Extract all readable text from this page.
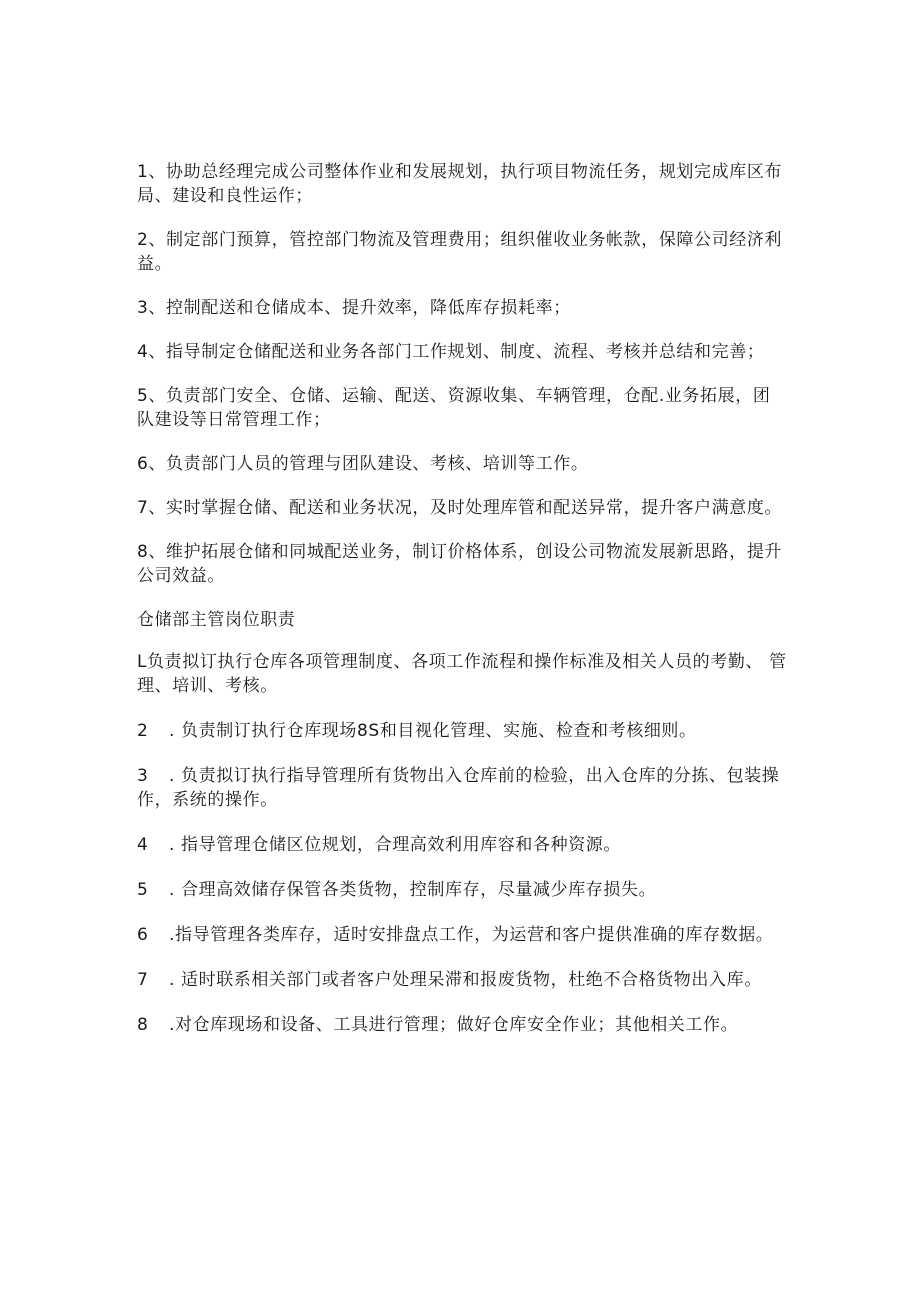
1、协助总经理完成公司整体作业和发展规划，执行项目物流任务，规划完成库区布局、建设和良性运作；

2、制定部门预算，管控部门物流及管理费用；组织催收业务帐款，保障公司经济利益。

3、控制配送和仓储成本、提升效率，降低库存损耗率；

4、指导制定仓储配送和业务各部门工作规划、制度、流程、考核并总结和完善；

5、负责部门安全、仓储、运输、配送、资源收集、车辆管理，仓配.业务拓展，团队建设等日常管理工作；

6、负责部门人员的管理与团队建设、考核、培训等工作。

7、实时掌握仓储、配送和业务状况，及时处理库管和配送异常，提升客户满意度。

8、维护拓展仓储和同城配送业务，制订价格体系，创设公司物流发展新思路，提升公司效益。

仓储部主管岗位职责

L负责拟订执行仓库各项管理制度、各项工作流程和操作标准及相关人员的考勤、 管理、培训、考核。

2 . 负责制订执行仓库现场8S和目视化管理、实施、检查和考核细则。

3 . 负责拟订执行指导管理所有货物出入仓库前的检验，出入仓库的分拣、包装操 作，系统的操作。

4 . 指导管理仓储区位规划，合理高效利用库容和各种资源。

5 . 合理高效储存保管各类货物，控制库存，尽量减少库存损失。

6 .指导管理各类库存，适时安排盘点工作，为运营和客户提供准确的库存数据。

7 . 适时联系相关部门或者客户处理呆滞和报废货物，杜绝不合格货物出入库。

8 .对仓库现场和设备、工具进行管理；做好仓库安全作业；其他相关工作。
